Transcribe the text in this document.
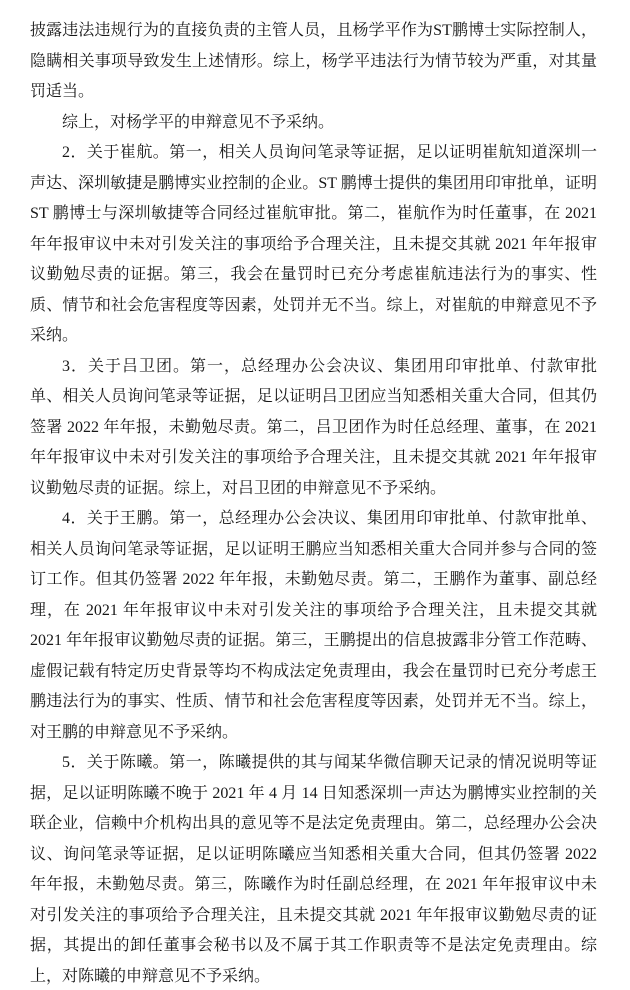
披露违法违规行为的直接负责的主管人员，且杨学平作为ST鹏博士实际控制人，隐瞒相关事项导致发生上述情形。综上，杨学平违法行为情节较为严重，对其量罚适当。

综上，对杨学平的申辩意见不予采纳。

2．关于崔航。第一，相关人员询问笔录等证据，足以证明崔航知道深圳一声达、深圳敏捷是鹏博实业控制的企业。ST 鹏博士提供的集团用印审批单，证明 ST 鹏博士与深圳敏捷等合同经过崔航审批。第二，崔航作为时任董事，在 2021 年年报审议中未对引发关注的事项给予合理关注，且未提交其就 2021 年年报审议勤勉尽责的证据。第三，我会在量罚时已充分考虑崔航违法行为的事实、性质、情节和社会危害程度等因素，处罚并无不当。综上，对崔航的申辩意见不予采纳。

3．关于吕卫团。第一，总经理办公会决议、集团用印审批单、付款审批单、相关人员询问笔录等证据，足以证明吕卫团应当知悉相关重大合同，但其仍签署 2022 年年报，未勤勉尽责。第二，吕卫团作为时任总经理、董事，在 2021 年年报审议中未对引发关注的事项给予合理关注，且未提交其就 2021 年年报审议勤勉尽责的证据。综上，对吕卫团的申辩意见不予采纳。

4．关于王鹏。第一，总经理办公会决议、集团用印审批单、付款审批单、相关人员询问笔录等证据，足以证明王鹏应当知悉相关重大合同并参与合同的签订工作。但其仍签署 2022 年年报，未勤勉尽责。第二，王鹏作为董事、副总经理，在 2021 年年报审议中未对引发关注的事项给予合理关注，且未提交其就 2021 年年报审议勤勉尽责的证据。第三，王鹏提出的信息披露非分管工作范畴、虚假记载有特定历史背景等均不构成法定免责理由，我会在量罚时已充分考虑王鹏违法行为的事实、性质、情节和社会危害程度等因素，处罚并无不当。综上，对王鹏的申辩意见不予采纳。

5．关于陈曦。第一，陈曦提供的其与闻某华微信聊天记录的情况说明等证据，足以证明陈曦不晚于 2021 年 4 月 14 日知悉深圳一声达为鹏博实业控制的关联企业，信赖中介机构出具的意见等不是法定免责理由。第二，总经理办公会决议、询问笔录等证据，足以证明陈曦应当知悉相关重大合同，但其仍签署 2022 年年报，未勤勉尽责。第三，陈曦作为时任副总经理，在 2021 年年报审议中未对引发关注的事项给予合理关注，且未提交其就 2021 年年报审议勤勉尽责的证据，其提出的卸任董事会秘书以及不属于其工作职责等不是法定免责理由。综上，对陈曦的申辩意见不予采纳。
